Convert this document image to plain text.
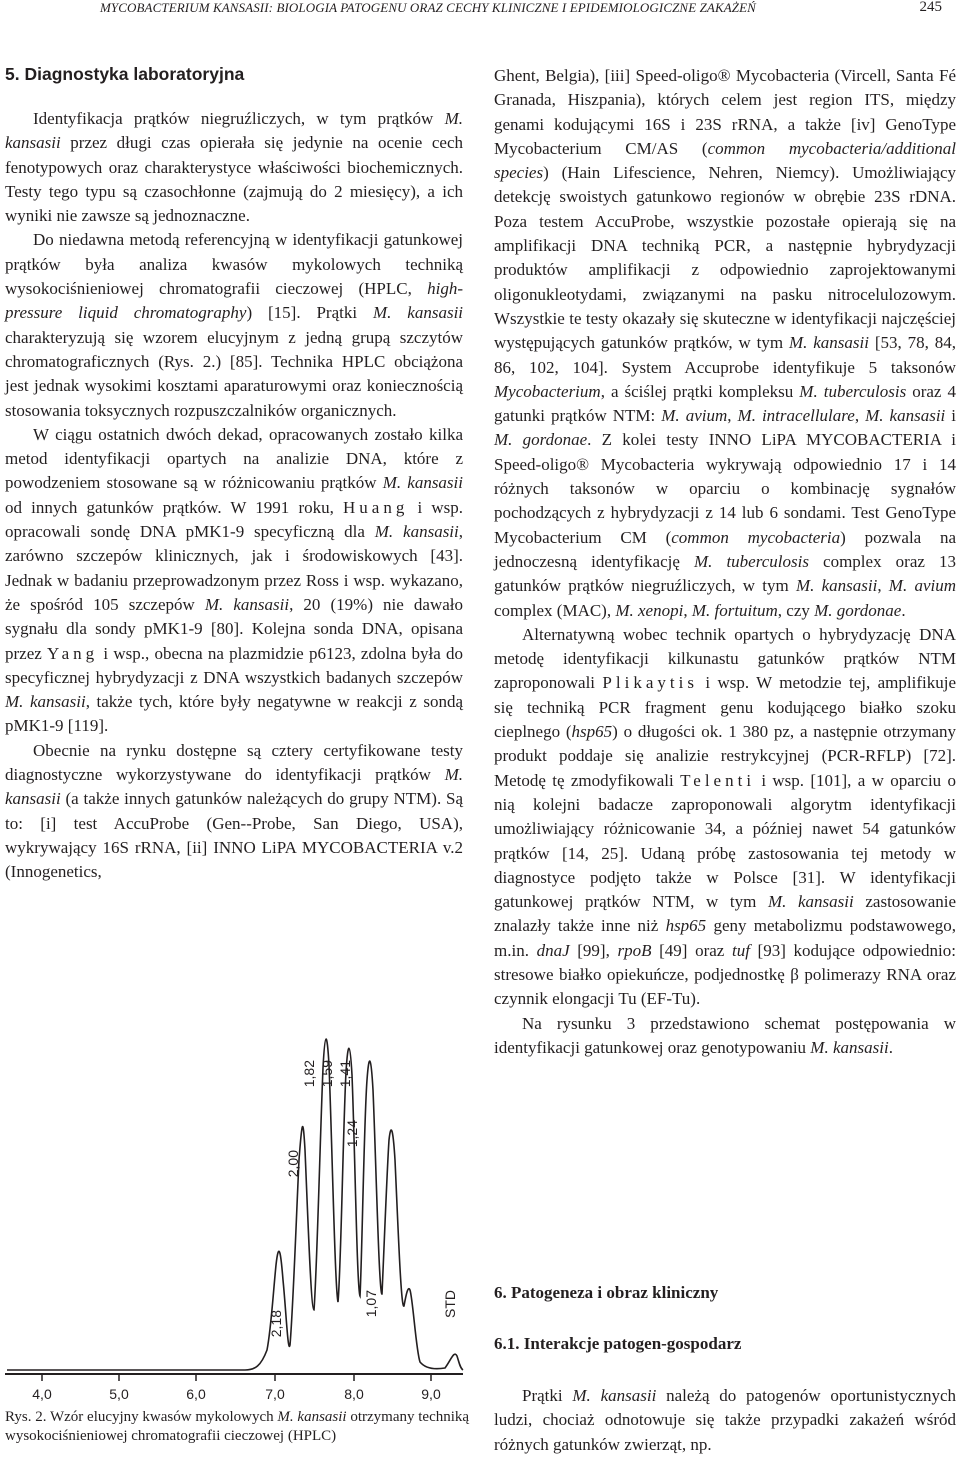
MYCOBACTERIUM KANSASII: BIOLOGIA PATOGENU ORAZ CECHY KLINICZNE I EPIDEMIOLOGICZNE ZAKAŻEŃ	245
5. Diagnostyka laboratoryjna

Identyfikacja prątków niegruźliczych, w tym prątków M. kansasii przez długi czas opierała się jedynie na ocenie cech fenotypowych oraz charakterystyce właściwości biochemicznych. Testy tego typu są czasochłonne (zajmują do 2 miesięcy), a ich wyniki nie zawsze są jednoznaczne.

Do niedawna metodą referencyjną w identyfikacji gatunkowej prątków była analiza kwasów mykolowych techniką wysokociśnieniowej chromatografii cieczowej (HPLC, high-pressure liquid chromatography) [15]. Prątki M. kansasii charakteryzują się wzorem elucyjnym z jedną grupą szczytów chromatograficznych (Rys. 2.) [85]. Technika HPLC obciążona jest jednak wysokimi kosztami aparaturowymi oraz koniecznością stosowania toksycznych rozpuszczalników organicznych.

W ciągu ostatnich dwóch dekad, opracowanych zostało kilka metod identyfikacji opartych na analizie DNA, które z powodzeniem stosowane są w różnicowaniu prątków M. kansasii od innych gatunków prątków. W 1991 roku, Huang i wsp. opracowali sondę DNA pMK1-9 specyficzną dla M. kansasii, zarówno szczepów klinicznych, jak i środowiskowych [43]. Jednak w badaniu przeprowadzonym przez Ross i wsp. wykazano, że spośród 105 szczepów M. kansasii, 20 (19%) nie dawało sygnału dla sondy pMK1-9 [80]. Kolejna sonda DNA, opisana przez Yang i wsp., obecna na plazmidzie p6123, zdolna była do specyficznej hybrydyzacji z DNA wszystkich badanych szczepów M. kansasii, także tych, które były negatywne w reakcji z sondą pMK1-9 [119].

Obecnie na rynku dostępne są cztery certyfikowane testy diagnostyczne wykorzystywane do identyfikacji prątków M. kansasii (a także innych gatunków należących do grupy NTM). Są to: [i] test AccuProbe (Gen--Probe, San Diego, USA), wykrywający 16S rRNA, [ii] INNO LiPA MYCOBACTERIA v.2 (Innogenetics,

4,0	5,0	6,0	7,0	8,0	9,0
2,18
2,00
1,82 1,59 1,41
1,24
1,07	STD
Rys. 2. Wzór elucyjny kwasów mykolowych M. kansasii otrzymany techniką wysokociśnieniowej chromatografii cieczowej (HPLC)

Ghent, Belgia), [iii] Speed-oligo® Mycobacteria (Vircell, Santa Fé Granada, Hiszpania), których celem jest region ITS, między genami kodującymi 16S i 23S rRNA, a także [iv] GenoType Mycobacterium CM/AS (common mycobacteria/additional species) (Hain Lifescience, Nehren, Niemcy). Umożliwiający detekcję swoistych gatunkowo regionów w obrębie 23S rDNA. Poza testem AccuProbe, wszystkie pozostałe opierają się na amplifikacji DNA techniką PCR, a następnie hybrydyzacji produktów amplifikacji z odpowiednio zaprojektowanymi oligonukleotydami, związanymi na pasku nitrocelulozowym. Wszystkie te testy okazały się skuteczne w identyfikacji najczęściej występujących gatunków prątków, w tym M. kansasii [53, 78, 84, 86, 102, 104]. System Accuprobe identyfikuje 5 taksonów Mycobacterium, a ściślej prątki kompleksu M. tuberculosis oraz 4 gatunki prątków NTM: M. avium, M. intracellulare, M. kansasii i M. gordonae. Z kolei testy INNO LiPA MYCOBACTERIA i Speed-oligo® Mycobacteria wykrywają odpowiednio 17 i 14 różnych taksonów w oparciu o kombinację sygnałów pochodzących z hybrydyzacji z 14 lub 6 sondami. Test GenoType Mycobacterium CM (common mycobacteria) pozwala na jednoczesną identyfikację M. tuberculosis complex oraz 13 gatunków prątków niegruźliczych, w tym M. kansasii, M. avium complex (MAC), M. xenopi, M. fortuitum, czy M. gordonae.

Alternatywną wobec technik opartych o hybrydyzację DNA metodę identyfikacji kilkunastu gatunków prątków NTM zaproponowali Plikaytis i wsp. W metodzie tej, amplifikuje się techniką PCR fragment genu kodującego białko szoku cieplnego (hsp65) o długości ok. 1 380 pz, a następnie otrzymany produkt poddaje się analizie restrykcyjnej (PCR-RFLP) [72]. Metodę tę zmodyfikowali Telenti i wsp. [101], a w oparciu o nią kolejni badacze zaproponowali algorytm identyfikacji umożliwiający różnicowanie 34, a później nawet 54 gatunków prątków [14, 25]. Udaną próbę zastosowania tej metody w diagnostyce podjęto także w Polsce [31]. W identyfikacji gatunkowej prątków NTM, w tym M. kansasii zastosowanie znalazły także inne niż hsp65 geny metabolizmu podstawowego, m.in. dnaJ [99], rpoB [49] oraz tuf [93] kodujące odpowiednio: stresowe białko opiekuńcze, podjednostkę β polimerazy RNA oraz czynnik elongacji Tu (EF-Tu).

Na rysunku 3 przedstawiono schemat postępowania w identyfikacji gatunkowej oraz genotypowaniu M. kansasii.

6. Patogeneza i obraz kliniczny
6.1. Interakcje patogen-gospodarz

Prątki M. kansasii należą do patogenów oportunistycznych ludzi, chociaż odnotowuje się także przypadki zakażeń wśród różnych gatunków zwierząt, np.
